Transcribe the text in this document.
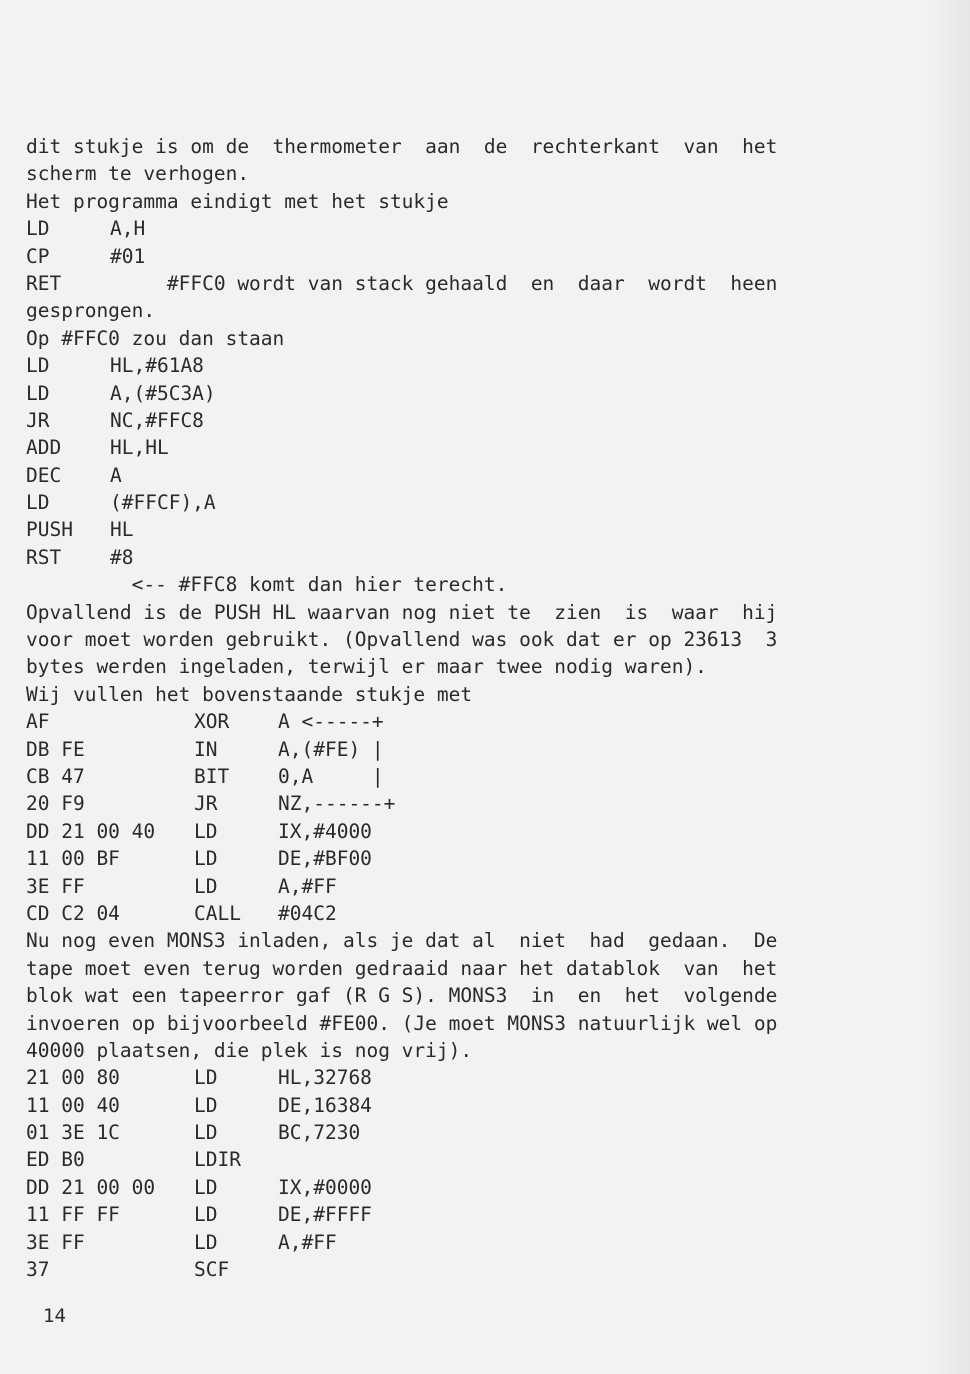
dit stukje is om de  thermometer  aan  de  rechterkant  van  het
scherm te verhogen.
Het programma eindigt met het stukje
LD	A,H
CP	#01
RET         #FFC0 wordt van stack gehaald  en  daar  wordt  heen
gesprongen.
Op #FFC0 zou dan staan
LD	HL,#61A8
LD	A,(#5C3A)
JR	NC,#FFC8
ADD	HL,HL
DEC	A
LD	(#FFCF),A
PUSH	HL
RST	#8
<-- #FFC8 komt dan hier terecht.
Opvallend is de PUSH HL waarvan nog niet te  zien  is  waar  hij
voor moet worden gebruikt. (Opvallend was ook dat er op 23613  3
bytes werden ingeladen, terwijl er maar twee nodig waren).
Wij vullen het bovenstaande stukje met
AF	XOR	A <-----+
DB FE	IN	A,(#FE) |
CB 47	BIT	0,A     |
20 F9	JR	NZ,------+
DD 21 00 40	LD	IX,#4000
11 00 BF	LD	DE,#BF00
3E FF	LD	A,#FF
CD C2 04	CALL	#04C2
Nu nog even MONS3 inladen, als je dat al  niet  had  gedaan.  De
tape moet even terug worden gedraaid naar het datablok  van  het
blok wat een tapeerror gaf (R G S). MONS3  in  en  het  volgende
invoeren op bijvoorbeeld #FE00. (Je moet MONS3 natuurlijk wel op
40000 plaatsen, die plek is nog vrij).
21 00 80	LD	HL,32768
11 00 40	LD	DE,16384
01 3E 1C	LD	BC,7230
ED B0	LDIR
DD 21 00 00	LD	IX,#0000
11 FF FF	LD	DE,#FFFF
3E FF	LD	A,#FF
37	SCF
14
